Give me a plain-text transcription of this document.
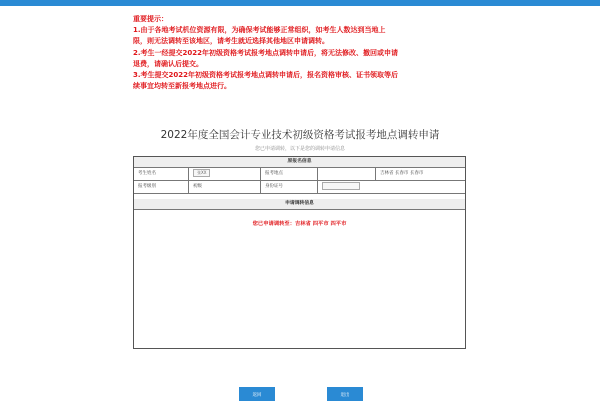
重要提示：
1.由于各地考试机位资源有限，为确保考试能够正常组织，如考生人数达到当地上
限，则无法调转至该地区，请考生就近选择其他地区申请调转。
2.考生一经提交2022年初级资格考试报考地点调转申请后，将无法修改、撤回或申请
退费，请确认后提交。
3.考生提交2022年初级资格考试报考地点调转申请后，报名资格审核、证书领取等后
续事宜均转至新报考地点进行。
2022年度全国会计专业技术初级资格考试报考地点调转申请
您已申请调转，以下是您的调转申请信息
原报名信息
考生姓名	张XX	报考地点	吉林省 长春市 长春市
报考级别	初级	身份证号
申请调转信息
您已申请调转至：吉林省 四平市 四平市
返回	退出
